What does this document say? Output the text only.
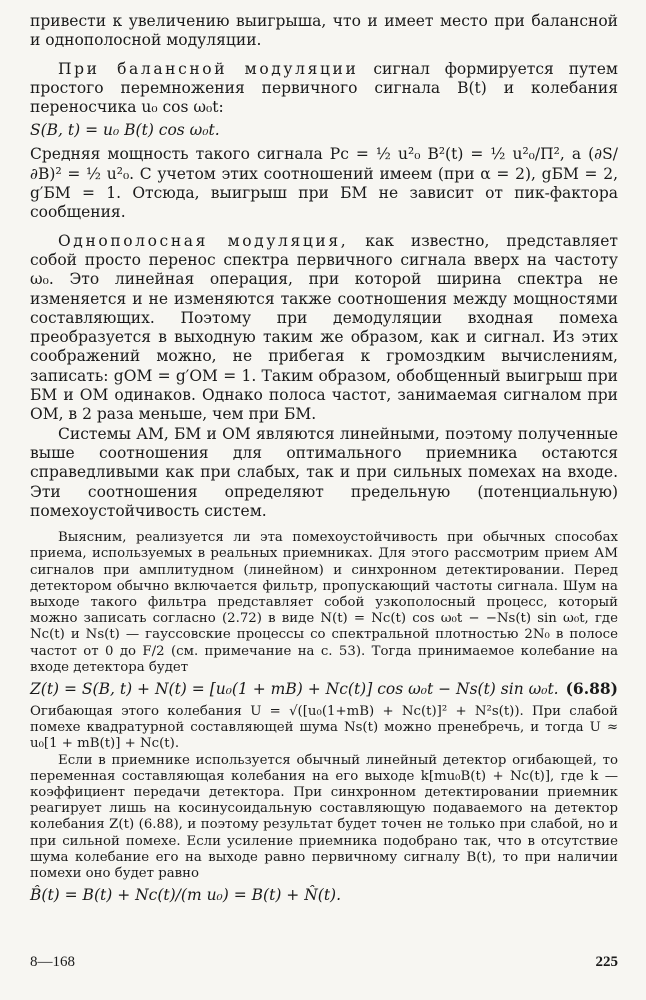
привести к увеличению выигрыша, что и имеет место при балансной и однополосной модуляции.

При балансной модуляции сигнал формируется путем простого перемножения первичного сигнала B(t) и колебания переносчика u₀ cos ω₀t:

S(B, t) = u₀ B(t) cos ω₀t.

Средняя мощность такого сигнала Pс = ½ u²₀ B²(t) = ½ u²₀/П², а (∂S/∂B)² = ½ u²₀. С учетом этих соотношений имеем (при α = 2), gБМ = 2, g′БМ = 1. Отсюда, выигрыш при БМ не зависит от пик-фактора сообщения.

Однополосная модуляция, как известно, представляет собой просто перенос спектра первичного сигнала вверх на частоту ω₀. Это линейная операция, при которой ширина спектра не изменяется и не изменяются также соотношения между мощностями составляющих. Поэтому при демодуляции входная помеха преобразуется в выходную таким же образом, как и сигнал. Из этих соображений можно, не прибегая к громоздким вычислениям, записать: gОМ = g′ОМ = 1. Таким образом, обобщенный выигрыш при БМ и ОМ одинаков. Однако полоса частот, занимаемая сигналом при ОМ, в 2 раза меньше, чем при БМ.

Системы АМ, БМ и ОМ являются линейными, поэтому полученные выше соотношения для оптимального приемника остаются справедливыми как при слабых, так и при сильных помехах на входе. Эти соотношения определяют предельную (потенциальную) помехоустойчивость систем.

Выясним, реализуется ли эта помехоустойчивость при обычных способах приема, используемых в реальных приемниках. Для этого рассмотрим прием АМ сигналов при амплитудном (линейном) и синхронном детектировании. Перед детектором обычно включается фильтр, пропускающий частоты сигнала. Шум на выходе такого фильтра представляет собой узкополосный процесс, который можно записать согласно (2.72) в виде N(t) = Nc(t) cos ω₀t − −Ns(t) sin ω₀t, где Nc(t) и Ns(t) — гауссовские процессы со спектральной плотностью 2N₀ в полосе частот от 0 до F/2 (см. примечание на с. 53). Тогда принимаемое колебание на входе детектора будет

Z(t) = S(B, t) + N(t) = [u₀(1 + mB) + Nc(t)] cos ω₀t − Ns(t) sin ω₀t. (6.88)

Огибающая этого колебания U = √([u₀(1+mB) + Nc(t)]² + N²s(t)). При слабой помехе квадратурной составляющей шума Ns(t) можно пренебречь, и тогда U ≈ u₀[1 + mB(t)] + Nc(t).

Если в приемнике используется обычный линейный детектор огибающей, то переменная составляющая колебания на его выходе k[mu₀B(t) + Nc(t)], где k — коэффициент передачи детектора. При синхронном детектировании приемник реагирует лишь на косинусоидальную составляющую подаваемого на детектор колебания Z(t) (6.88), и поэтому результат будет точен не только при слабой, но и при сильной помехе. Если усиление приемника подобрано так, что в отсутствие шума колебание его на выходе равно первичному сигналу B(t), то при наличии помехи оно будет равно

B̂(t) = B(t) + Nc(t)/(m u₀) = B(t) + N̂(t).
8—168	225
